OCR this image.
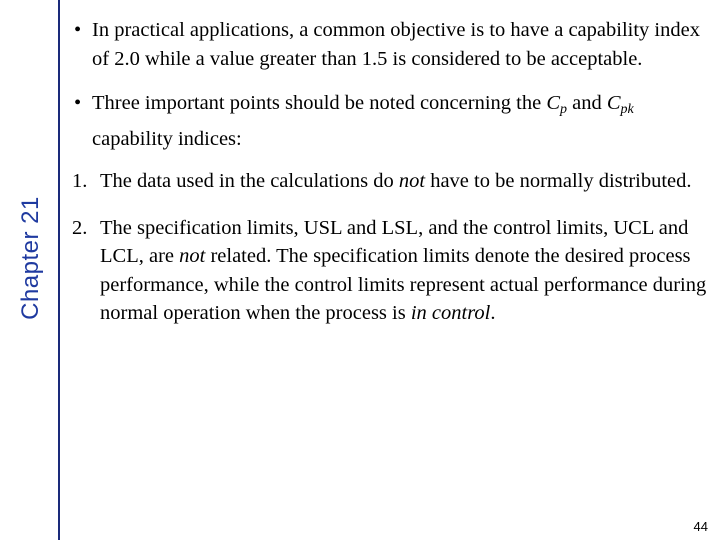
Chapter 21

• In practical applications, a common objective is to have a capability index of 2.0 while a value greater than 1.5 is considered to be acceptable.

• Three important points should be noted concerning the $C_p$ and $C_{pk}$ capability indices:

1. The data used in the calculations do not have to be normally distributed.

2. The specification limits, USL and LSL, and the control limits, UCL and LCL, are not related. The specification limits denote the desired process performance, while the control limits represent actual performance during normal operation when the process is in control.

44
